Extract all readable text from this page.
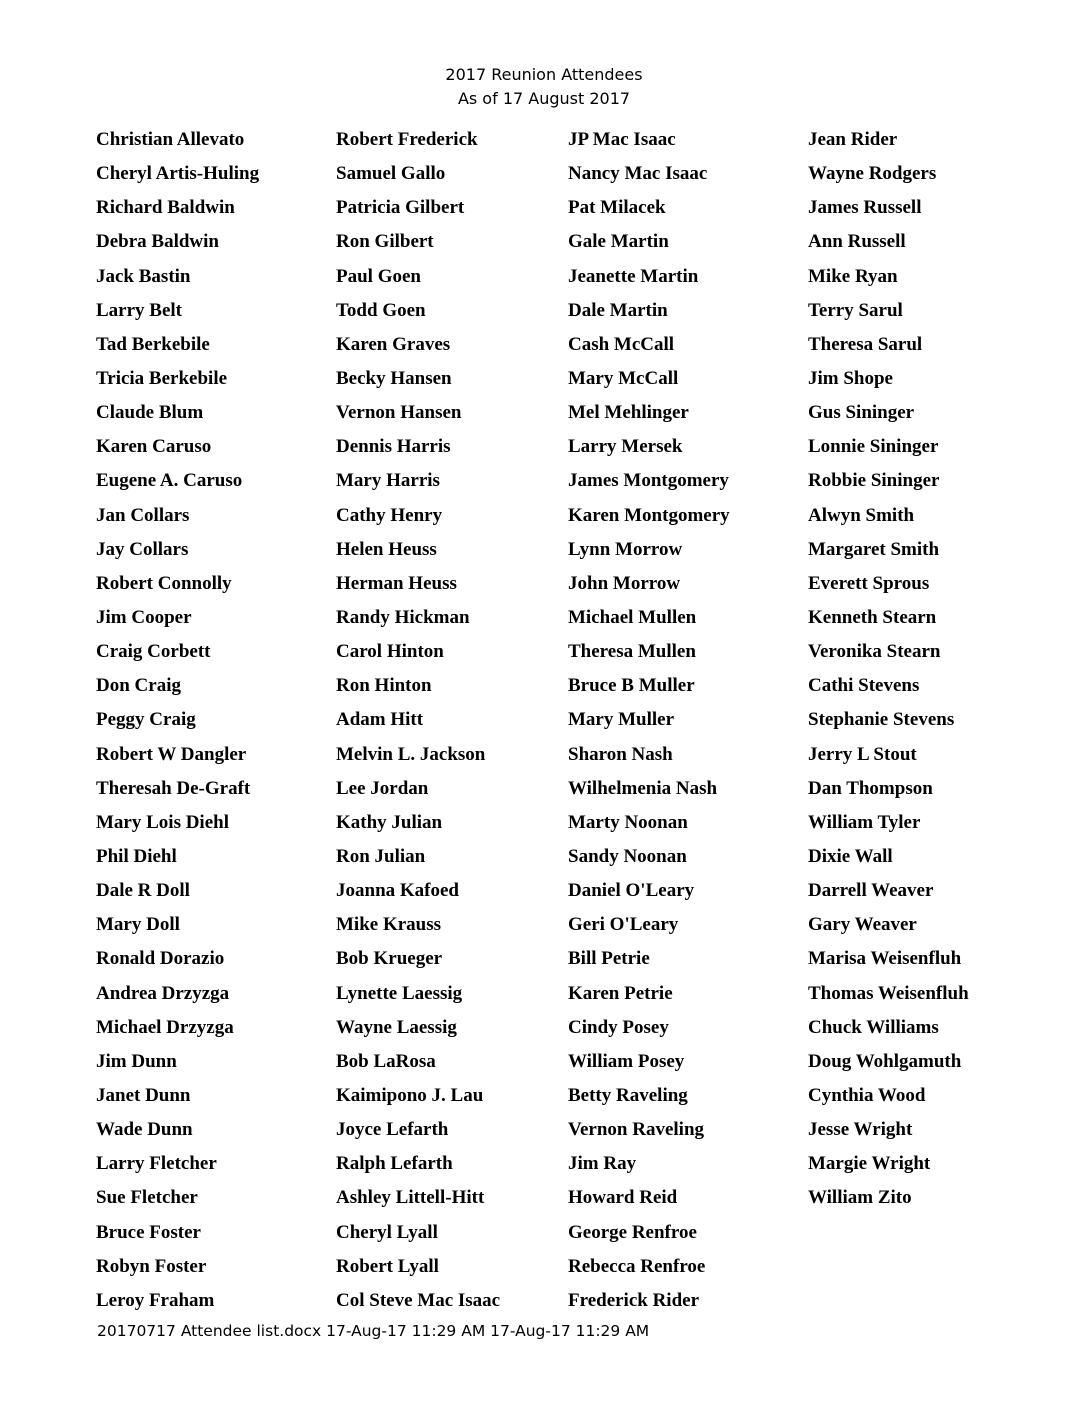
2017 Reunion Attendees
As of 17 August 2017
Christian Allevato
Cheryl Artis-Huling
Richard Baldwin
Debra Baldwin
Jack Bastin
Larry Belt
Tad Berkebile
Tricia Berkebile
Claude Blum
Karen Caruso
Eugene A. Caruso
Jan Collars
Jay Collars
Robert Connolly
Jim Cooper
Craig Corbett
Don Craig
Peggy Craig
Robert W Dangler
Theresah De-Graft
Mary Lois Diehl
Phil Diehl
Dale R Doll
Mary Doll
Ronald Dorazio
Andrea Drzyzga
Michael Drzyzga
Jim Dunn
Janet Dunn
Wade Dunn
Larry Fletcher
Sue Fletcher
Bruce Foster
Robyn Foster
Leroy Fraham
Robert Frederick
Samuel Gallo
Patricia Gilbert
Ron Gilbert
Paul Goen
Todd Goen
Karen Graves
Becky Hansen
Vernon Hansen
Dennis Harris
Mary Harris
Cathy Henry
Helen Heuss
Herman Heuss
Randy Hickman
Carol Hinton
Ron Hinton
Adam Hitt
Melvin L. Jackson
Lee Jordan
Kathy Julian
Ron Julian
Joanna Kafoed
Mike Krauss
Bob Krueger
Lynette Laessig
Wayne Laessig
Bob LaRosa
Kaimipono J. Lau
Joyce Lefarth
Ralph Lefarth
Ashley Littell-Hitt
Cheryl Lyall
Robert Lyall
Col Steve Mac Isaac
JP Mac Isaac
Nancy Mac Isaac
Pat Milacek
Gale Martin
Jeanette Martin
Dale Martin
Cash McCall
Mary McCall
Mel Mehlinger
Larry Mersek
James Montgomery
Karen Montgomery
Lynn Morrow
John Morrow
Michael Mullen
Theresa Mullen
Bruce B Muller
Mary Muller
Sharon Nash
Wilhelmenia Nash
Marty Noonan
Sandy Noonan
Daniel O'Leary
Geri O'Leary
Bill Petrie
Karen Petrie
Cindy Posey
William Posey
Betty Raveling
Vernon Raveling
Jim Ray
Howard Reid
George Renfroe
Rebecca Renfroe
Frederick Rider
Jean Rider
Wayne Rodgers
James Russell
Ann Russell
Mike Ryan
Terry Sarul
Theresa Sarul
Jim Shope
Gus Sininger
Lonnie Sininger
Robbie Sininger
Alwyn Smith
Margaret Smith
Everett Sprous
Kenneth Stearn
Veronika Stearn
Cathi Stevens
Stephanie Stevens
Jerry L Stout
Dan Thompson
William Tyler
Dixie Wall
Darrell Weaver
Gary Weaver
Marisa Weisenfluh
Thomas Weisenfluh
Chuck Williams
Doug Wohlgamuth
Cynthia Wood
Jesse Wright
Margie Wright
William Zito
20170717 Attendee list.docx 17-Aug-17 11:29 AM 17-Aug-17 11:29 AM
